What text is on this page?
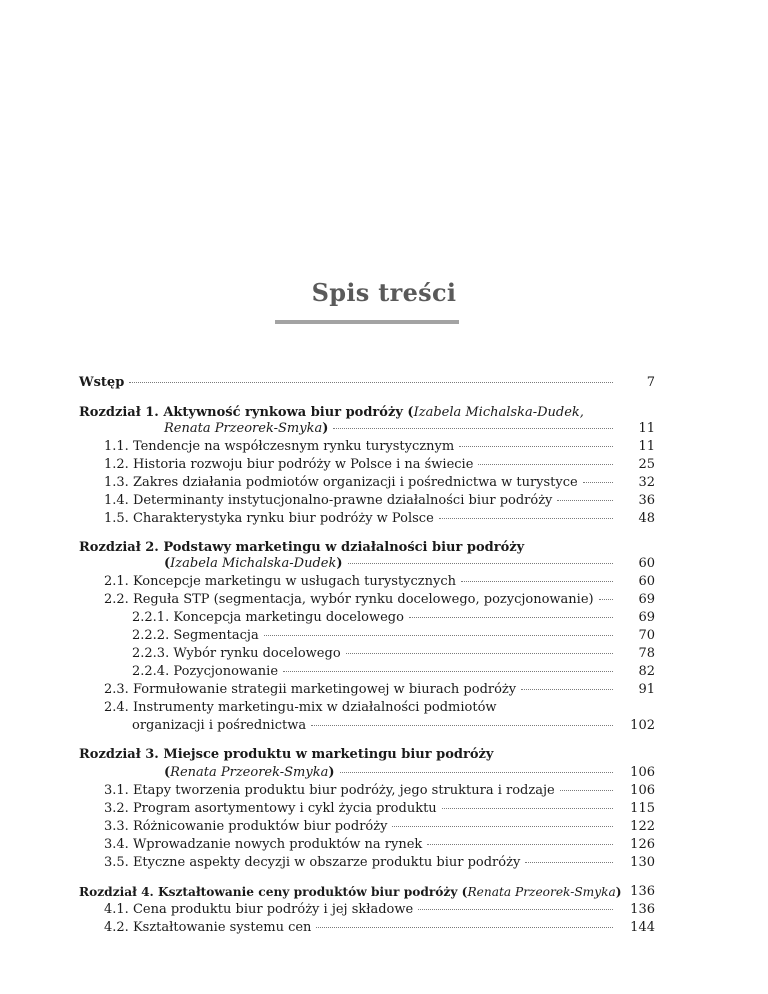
Spis treści
Wstęp	7
Rozdział 1. Aktywność rynkowa biur podróży (Izabela Michalska-Dudek,
Renata Przeorek-Smyka)	11
1.1. Tendencje na współczesnym rynku turystycznym	11
1.2. Historia rozwoju biur podróży w Polsce i na świecie	25
1.3. Zakres działania podmiotów organizacji i pośrednictwa w turystyce	32
1.4. Determinanty instytucjonalno-prawne działalności biur podróży	36
1.5. Charakterystyka rynku biur podróży w Polsce	48
Rozdział 2. Podstawy marketingu w działalności biur podróży
(Izabela Michalska-Dudek)	60
2.1. Koncepcje marketingu w usługach turystycznych	60
2.2. Reguła STP (segmentacja, wybór rynku docelowego, pozycjonowanie)	69
2.2.1. Koncepcja marketingu docelowego	69
2.2.2. Segmentacja	70
2.2.3. Wybór rynku docelowego	78
2.2.4. Pozycjonowanie	82
2.3. Formułowanie strategii marketingowej w biurach podróży	91
2.4. Instrumenty marketingu-mix w działalności podmiotów
organizacji i pośrednictwa	102
Rozdział 3. Miejsce produktu w marketingu biur podróży
(Renata Przeorek-Smyka)	106
3.1. Etapy tworzenia produktu biur podróży, jego struktura i rodzaje	106
3.2. Program asortymentowy i cykl życia produktu	115
3.3. Różnicowanie produktów biur podróży	122
3.4. Wprowadzanie nowych produktów na rynek	126
3.5. Etyczne aspekty decyzji w obszarze produktu biur podróży	130
Rozdział 4. Kształtowanie ceny produktów biur podróży (Renata Przeorek-Smyka) 136
4.1. Cena produktu biur podróży i jej składowe	136
4.2. Kształtowanie systemu cen	144
